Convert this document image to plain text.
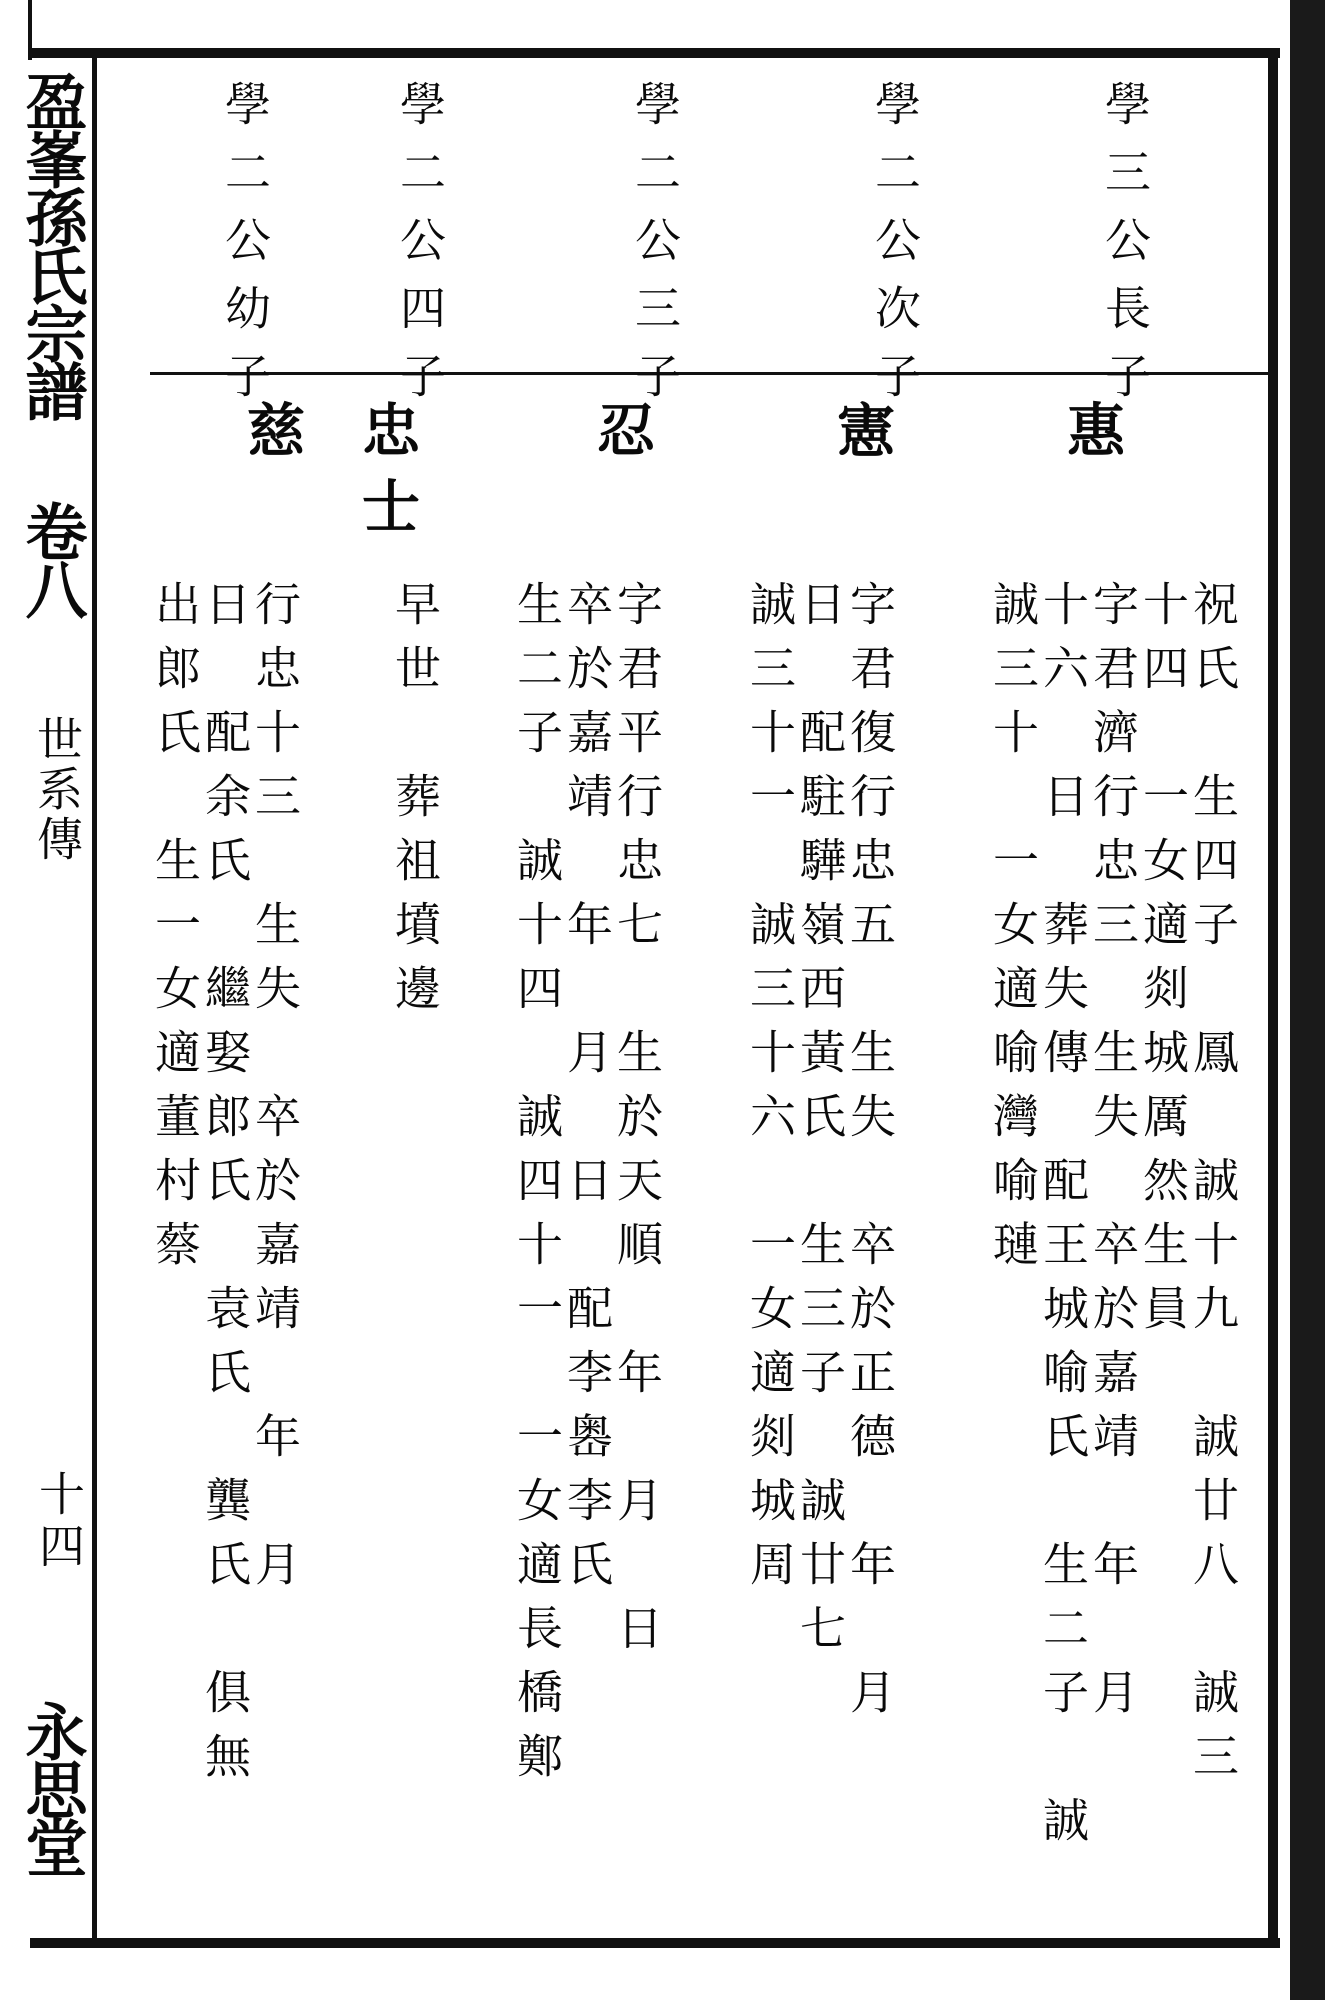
盈峯孫氏宗譜
卷八
世系傳
十四
永思堂
學三公長子
惠
祝氏　生四子　鳳　誠十九　誠廿八　誠三
十四　一女適剡城厲然生員
字君濟行忠三　生失　卒於嘉靖　年　月
十六　日　葬失傳　配王城喻氏　生二子　誠
誠三十　一女適喻灣喻璉
學二公次子
憲
字君復行忠五　生失　卒於正德　年　月
日　配駐驊嶺西黃氏　生三子　誠廿七
誠三十一　誠三十六　一女適剡城周
學二公三子
忍
字君平行忠七　生於天順　年　月　日
卒於嘉靖　年　月　日　配李嶴李氏
生二子　誠十四　誠四十一　一女適長橋鄭
學二公四子
忠士
早世　葬祖墳邊
學二公幼子
慈
行忠十三　生失　卒於嘉靖　年　月
日　配余氏　繼娶郎氏　袁氏　龔氏　俱無
出郎氏　生一女適董村蔡
